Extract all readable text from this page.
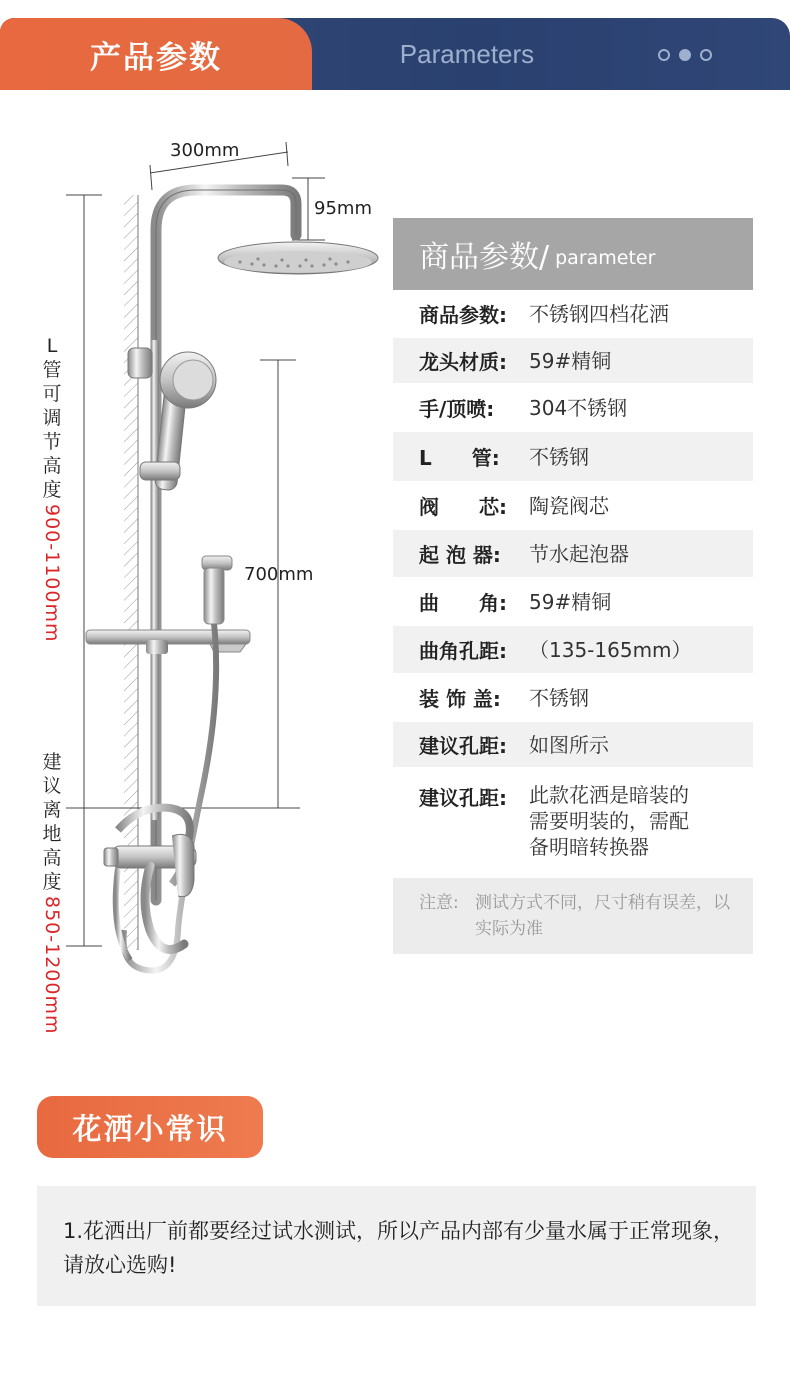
产品参数	Parameters
300mm
95mm
700mm
L管可调节高度
900-1100mm
建议离地高度
850-1200mm
商品参数/ parameter
商品参数:	不锈钢四档花洒
龙头材质:	59#精铜
手/顶喷:	304不锈钢
L　　管:	不锈钢
阀　　芯:	陶瓷阀芯
起 泡 器:	节水起泡器
曲　　角:	59#精铜
曲角孔距:	（135-165mm）
装 饰 盖:	不锈钢
建议孔距:	如图所示
建议孔距:	此款花洒是暗装的
需要明装的，需配
备明暗转换器
注意: 测试方式不同，尺寸稍有误差，以实际为准
花洒小常识
1.花洒出厂前都要经过试水测试，所以产品内部有少量水属于正常现象，请放心选购!
